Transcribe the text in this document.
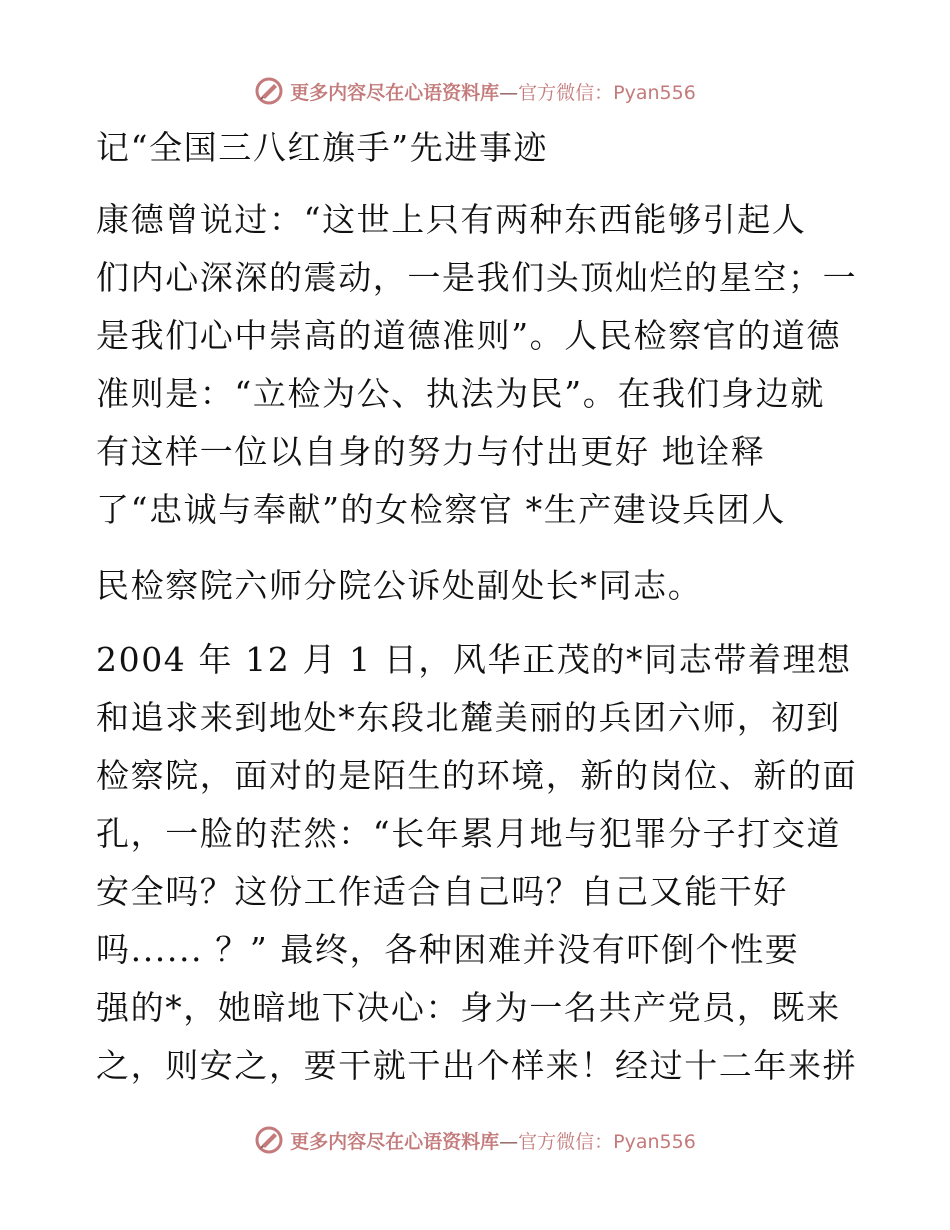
更多内容尽在心语资料库—官方微信：Pyan556
记“全国三八红旗手”先进事迹
康德曾说过：“这世上只有两种东西能够引起人
们内心深深的震动，一是我们头顶灿烂的星空；一
是我们心中崇高的道德准则”。人民检察官的道德
准则是：“立检为公、执法为民”。在我们身边就
有这样一位以自身的努力与付出更好 地诠释
了“忠诚与奉献”的女检察官 *生产建设兵团人
民检察院六师分院公诉处副处长*同志。
2004 年 12 月 1 日，风华正茂的*同志带着理想
和追求来到地处*东段北麓美丽的兵团六师，初到
检察院，面对的是陌生的环境，新的岗位、新的面
孔，一脸的茫然：“长年累月地与犯罪分子打交道
安全吗？这份工作适合自己吗？自己又能干好
吗...... ？” 最终，各种困难并没有吓倒个性要
强的*，她暗地下决心：身为一名共产党员，既来
之，则安之，要干就干出个样来！经过十二年来拼
更多内容尽在心语资料库—官方微信：Pyan556
